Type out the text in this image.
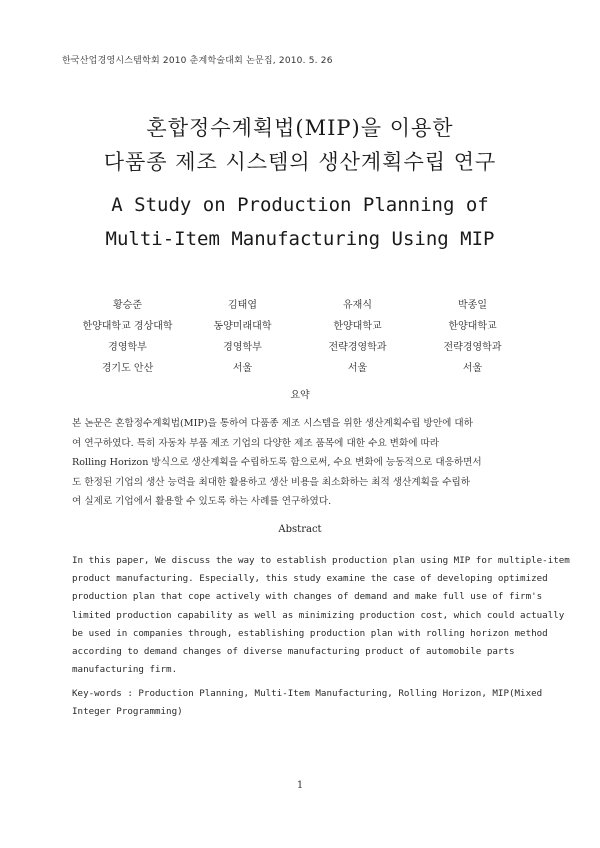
한국산업경영시스템학회 2010 춘계학술대회 논문집, 2010. 5. 26
혼합정수계획법(MIP)을 이용한
다품종 제조 시스템의 생산계획수립 연구
A Study on Production Planning of
Multi-Item Manufacturing Using MIP
황승준
한양대학교 경상대학
경영학부
경기도 안산
김태엽
동양미래대학
경영학부
서울
유재식
한양대학교
전략경영학과
서울
박종일
한양대학교
전략경영학과
서울
요약
본 논문은 혼합정수계획법(MIP)을 통하여 다품종 제조 시스템을 위한 생산계획수립 방안에 대하
여 연구하였다. 특히 자동차 부품 제조 기업의 다양한 제조 품목에 대한 수요 변화에 따라
Rolling Horizon 방식으로 생산계획을 수립하도록 함으로써, 수요 변화에 능동적으로 대응하면서
도 한정된 기업의 생산 능력을 최대한 활용하고 생산 비용을 최소화하는 최적 생산계획을 수립하
여 실제로 기업에서 활용할 수 있도록 하는 사례를 연구하였다.
Abstract
In this paper, We discuss the way to establish production plan using MIP for multiple-item
product manufacturing. Especially, this study examine the case of developing optimized
production plan that cope actively with changes of demand and make full use of firm's
limited production capability as well as minimizing production cost, which could actually
be used in companies through, establishing production plan with rolling horizon method
according to demand changes of diverse manufacturing product of automobile parts
manufacturing firm.
Key-words : Production Planning, Multi-Item Manufacturing, Rolling Horizon, MIP(Mixed
Integer Programming)
1
